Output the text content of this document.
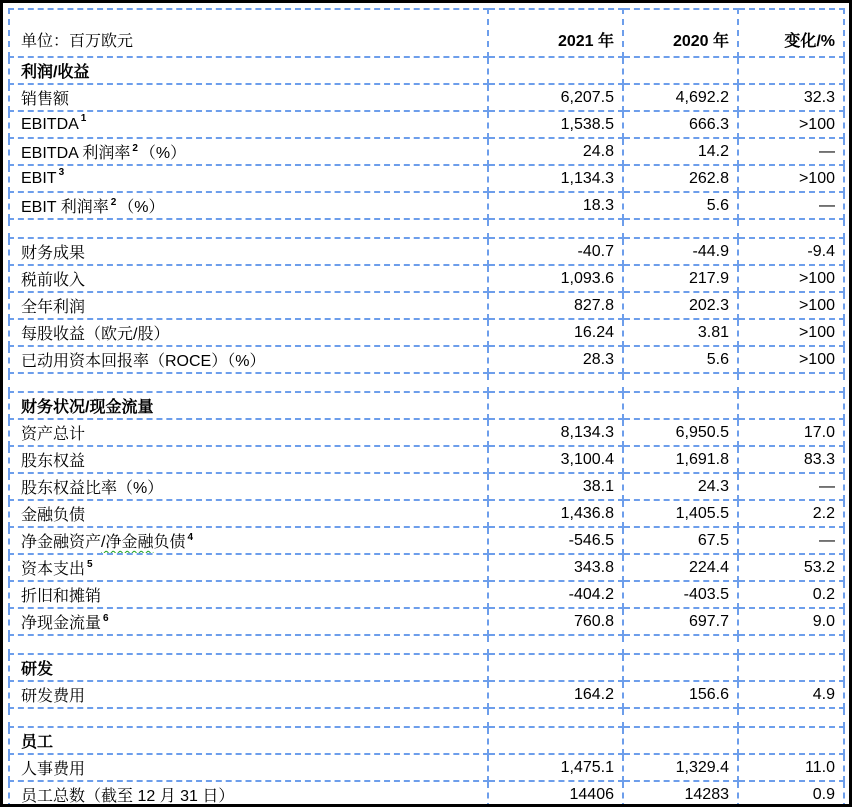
单位：百万欧元	2021 年	2020 年	变化/%
利润/收益			
销售额	6,207.5	4,692.2	32.3
EBITDA $^1$	1,538.5	666.3	>100
EBITDA 利润率 $^2$ （%）	24.8	14.2	—
EBIT $^3$	1,134.3	262.8	>100
EBIT 利润率 $^2$ （%）	18.3	5.6	—

财务成果	-40.7	-44.9	-9.4
税前收入	1,093.6	217.9	>100
全年利润	827.8	202.3	>100
每股收益（欧元/股）	16.24	3.81	>100
已动用资本回报率（ROCE）（%）	28.3	5.6	>100

财务状况/现金流量			
资产总计	8,134.3	6,950.5	17.0
股东权益	3,100.4	1,691.8	83.3
股东权益比率（%）	38.1	24.3	—
金融负债	1,436.8	1,405.5	2.2
净金融资产/净金融负债 $^4$	-546.5	67.5	—
资本支出 $^5$	343.8	224.4	53.2
折旧和摊销	-404.2	-403.5	0.2
净现金流量 $^6$	760.8	697.7	9.0

研发			
研发费用	164.2	156.6	4.9

员工			
人事费用	1,475.1	1,329.4	11.0
员工总数（截至 12 月 31 日）	14406	14283	0.9
